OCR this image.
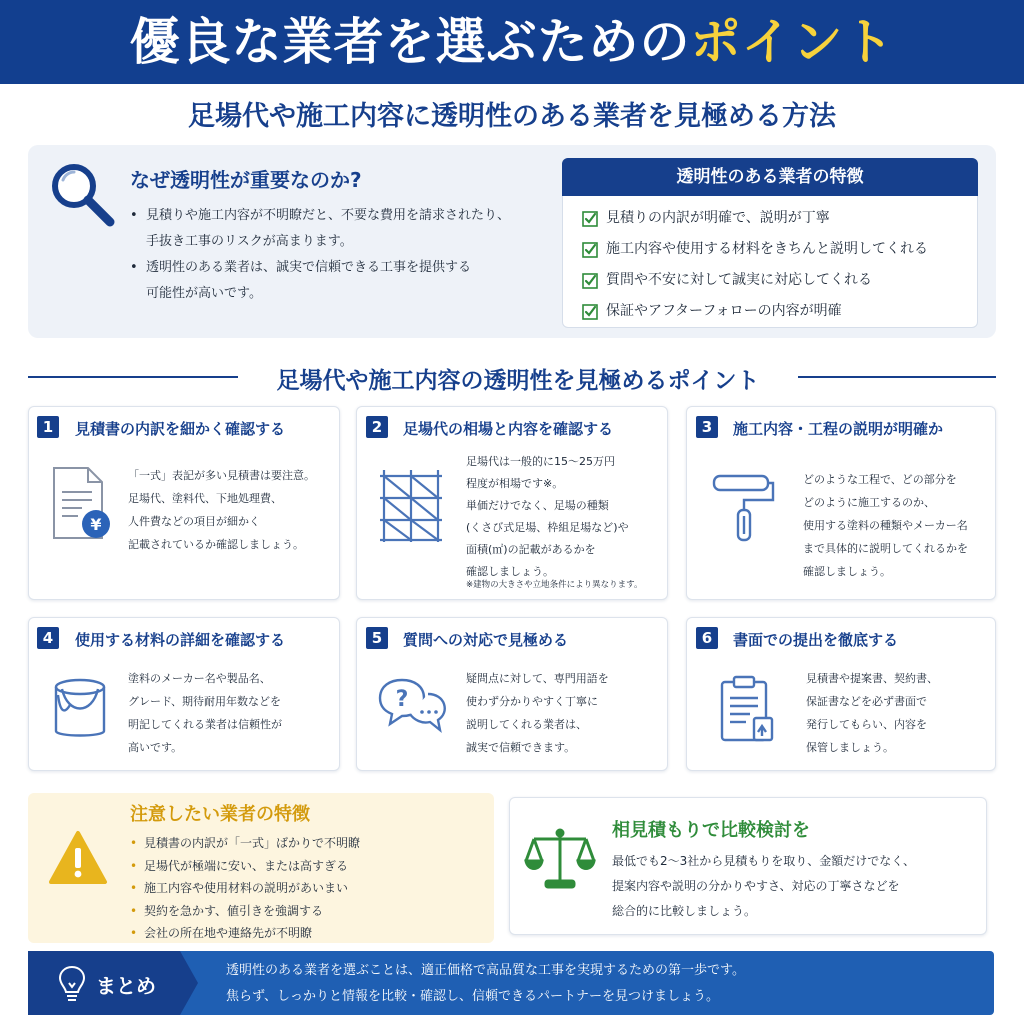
優良な業者を選ぶためのポイント
足場代や施工内容に透明性のある業者を見極める方法
なぜ透明性が重要なのか?
• 見積りや施工内容が不明瞭だと、不要な費用を請求されたり、
手抜き工事のリスクが高まります。
• 透明性のある業者は、誠実で信頼できる工事を提供する
可能性が高いです。
透明性のある業者の特徴
見積りの内訳が明確で、説明が丁寧
施工内容や使用する材料をきちんと説明してくれる
質問や不安に対して誠実に対応してくれる
保証やアフターフォローの内容が明確
足場代や施工内容の透明性を見極めるポイント
1	見積書の内訳を細かく確認する
¥
「一式」表記が多い見積書は要注意。
足場代、塗料代、下地処理費、
人件費などの項目が細かく
記載されているか確認しましょう。
2	足場代の相場と内容を確認する
足場代は一般的に15〜25万円
程度が相場です※。
単価だけでなく、足場の種類
(くさび式足場、枠組足場など)や
面積(㎡)の記載があるかを
確認しましょう。
※建物の大きさや立地条件により異なります。
3	施工内容・工程の説明が明確か
どのような工程で、どの部分を
どのように施工するのか、
使用する塗料の種類やメーカー名
まで具体的に説明してくれるかを
確認しましょう。
4	使用する材料の詳細を確認する
塗料のメーカー名や製品名、
グレード、期待耐用年数などを
明記してくれる業者は信頼性が
高いです。
5	質問への対応で見極める
?
疑問点に対して、専門用語を
使わず分かりやすく丁寧に
説明してくれる業者は、
誠実で信頼できます。
6	書面での提出を徹底する
見積書や提案書、契約書、
保証書などを必ず書面で
発行してもらい、内容を
保管しましょう。
注意したい業者の特徴
• 見積書の内訳が「一式」ばかりで不明瞭
• 足場代が極端に安い、または高すぎる
• 施工内容や使用材料の説明があいまい
• 契約を急かす、値引きを強調する
• 会社の所在地や連絡先が不明瞭
相見積もりで比較検討を
最低でも2〜3社から見積もりを取り、金額だけでなく、
提案内容や説明の分かりやすさ、対応の丁寧さなどを
総合的に比較しましょう。
まとめ
透明性のある業者を選ぶことは、適正価格で高品質な工事を実現するための第一歩です。
焦らず、しっかりと情報を比較・確認し、信頼できるパートナーを見つけましょう。
